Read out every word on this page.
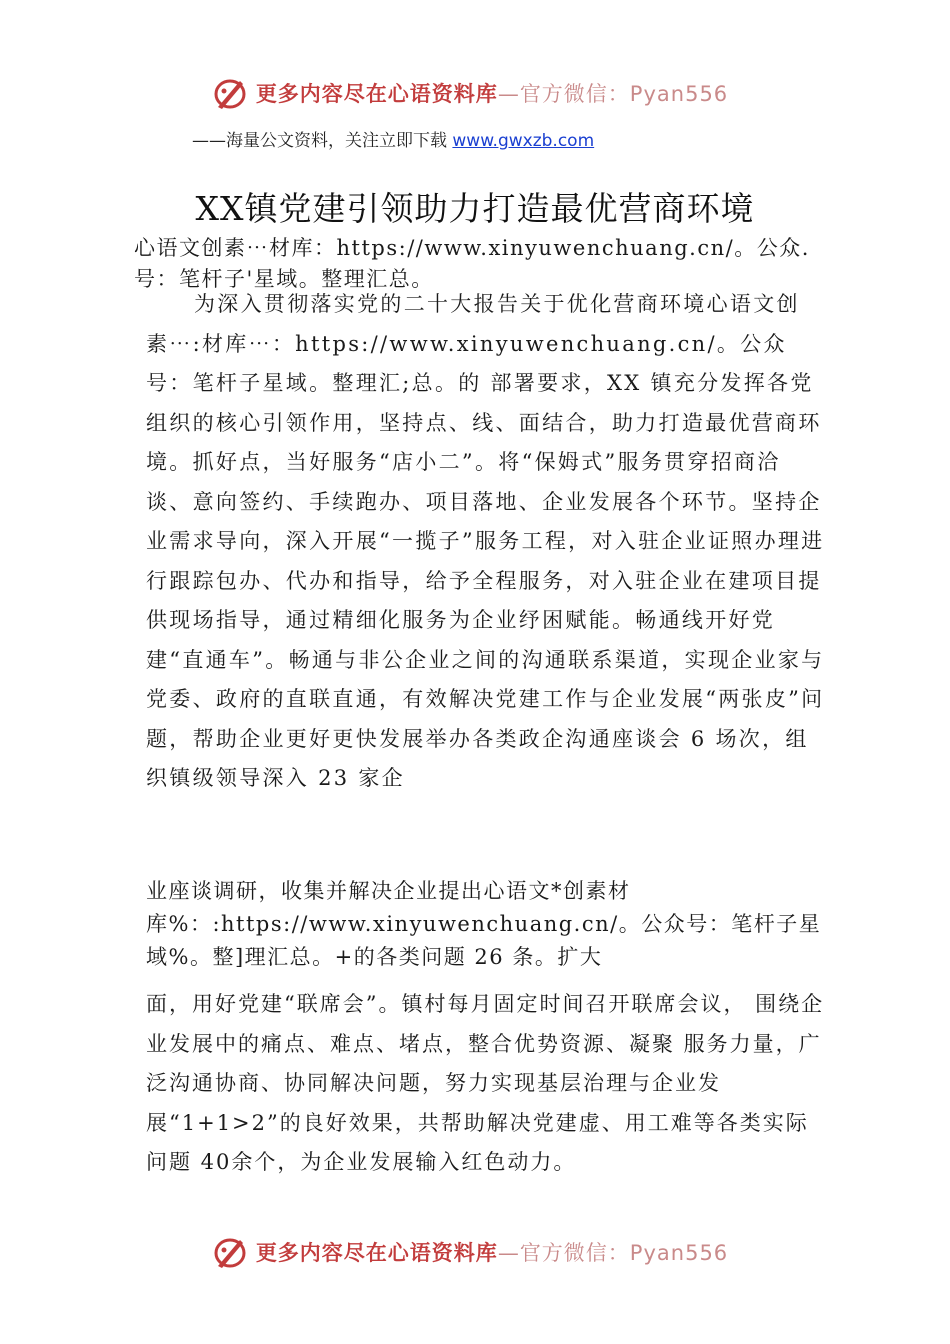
更多内容尽在心语资料库—官方微信：Pyan556
——海量公文资料，关注立即下载 www.gwxzb.com
XX镇党建引领助力打造最优营商环境
心语文创素⋯材库：https://www.xinyuwenchuang.cn/。公众.号：笔杆子'星域。整理汇总。
为深入贯彻落实党的二十大报告关于优化营商环境心语文创素⋯:材库⋯：https://www.xinyuwenchuang.cn/。公众号：笔杆子星域。整理汇;总。的 部署要求，XX 镇充分发挥各党组织的核心引领作用，坚持点、线、面结合，助力打造最优营商环境。抓好点，当好服务“店小二”。将“保姆式”服务贯穿招商洽谈、意向签约、手续跑办、项目落地、企业发展各个环节。坚持企业需求导向，深入开展“一揽子”服务工程，对入驻企业证照办理进行跟踪包办、代办和指导，给予全程服务，对入驻企业在建项目提供现场指导，通过精细化服务为企业纾困赋能。畅通线开好党建“直通车”。畅通与非公企业之间的沟通联系渠道，实现企业家与党委、政府的直联直通，有效解决党建工作与企业发展“两张皮”问题，帮助企业更好更快发展举办各类政企沟通座谈会 6 场次，组织镇级领导深入 23 家企
业座谈调研，收集并解决企业提出心语文*创素材库%：:https://www.xinyuwenchuang.cn/。公众号：笔杆子星域%。整]理汇总。+的各类问题 26 条。扩大
面，用好党建“联席会”。镇村每月固定时间召开联席会议， 围绕企业发展中的痛点、难点、堵点，整合优势资源、凝聚 服务力量，广泛沟通协商、协同解决问题，努力实现基层治理与企业发展“1+1>2”的良好效果，共帮助解决党建虚、用工难等各类实际问题 40余个，为企业发展输入红色动力。
更多内容尽在心语资料库—官方微信：Pyan556
